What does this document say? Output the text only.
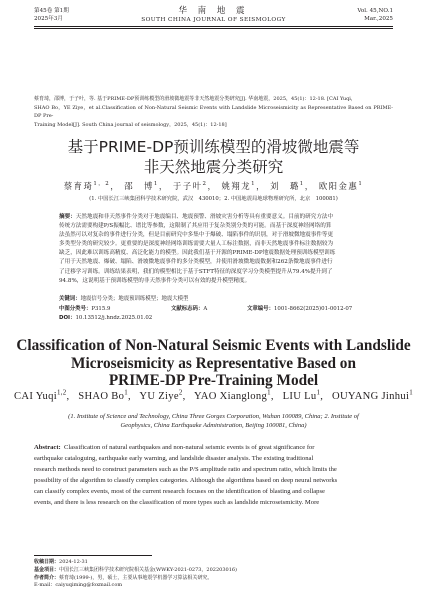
第45卷 第1期
2025年3月
华 南 地 震
SOUTH CHINA JOURNAL OF SEISMOLOGY
Vol. 45,NO.1
Mar.,2025
蔡育琦，邵博，于子叶，等. 基于PRIME-DP预训练模型的滑坡微地震等非天然地震分类研究[J]. 华南地震，2025，45(1)：12-18. [CAI Yuqi，
SHAO Bo，YE Ziye，et al.Classification of Non-Natural Seismic Events with Landslide Microseismicity as Representative Based on PRIME-DP Pre-
Training Model[J]. South China journal of seismology，2025，45(1)：12-18]
基于PRIME-DP预训练模型的滑坡微地震等
非天然地震分类研究
蔡育琦$^{1,2}$， 邵　博$^1$， 于子叶$^2$， 姚翔龙$^1$， 刘　璐$^1$， 欧阳金惠$^1$
(1. 中国长江三峡集团科学技术研究院，武汉　430010；2. 中国地震局地球物理研究所，北京　100081)
摘要：天然地震和非天然事件分类对于地震编目、地震预警、滑坡灾害分析等具有重要意义。目前的研究方法中
传统方法需要构建P/S振幅比、谱比等参数，这限制了其应用于复杂类别分类的可能。而基于深度神经网络的算
法虽然可以对复杂的事件进行分类，但是目前研究中多集中于爆破、塌陷事件的识别，对于滑坡微地震事件等更
多类型分类的研究较少。更重要的是深度神经网络训练需要大量人工标注数据，而非天然地震事件标注数据较为
缺乏，因此难以训练高精度、高泛化能力的模型。因此我们基于开源的PRIME-DP地震数据处理预训练模型训练
了用于天然地震、爆破、塌陷、滑坡微地震事件的多分类模型，并使用滑坡微地震数据和262条微地震事件进行
了迁移学习训练。训练结果表明，我们的模型相比于基于STFT特征的深度学习分类模型提升从79.4%提升到了
94.8%，这说明基于预训练模型的非天然事件分类可以有效的提升模型精度。
关键词：地震信号分类；地震预训练模型；地震大模型
中图分类号：P315.9	文献标志码：A	文章编号：1001-8662(2025)01-0012-07
DOI：10.13512/j.hndz.2025.01.02
Classification of Non-Natural Seismic Events with Landslide
Microseismicity as Representative Based on
PRIME-DP Pre-Training Model
CAI Yuqi$^{1,2}$,   SHAO Bo$^1$,   YU Ziye$^2$,   YAO Xianglong$^1$,   LIU Lu$^1$,   OUYANG Jinhui$^1$
(1. Institute of Science and Technology, China Three Gorges Corporation, Wuhan 100089, China; 2. Institute of
Geophysics, China Earthquake Administration, Beijing 100081, China)
Abstract: Classification of natural earthquakes and non-natural seismic events is of great significance for
earthquake cataloguing, earthquake early warning, and landslide disaster analysis. The existing traditional
research methods need to construct parameters such as the P/S amplitude ratio and spectrum ratio, which limits the
possibility of the algorithm to classify complex categories. Although the algorithms based on deep neural networks
can classify complex events, most of the current research focuses on the identification of blasting and collapse
events, and there is less research on the classification of more types such as landslide microseismicity. More
收稿日期：2024-12-31
基金项目：中国长江三峡集团科学技术研究院相关基金(WWKY-2021-0273，202203016)
作者简介：蔡育琦(1999-)，男，硕士，主要从事地震学机器学习算法相关研究。
E-mail：caiyuqiming@foxmail.com
